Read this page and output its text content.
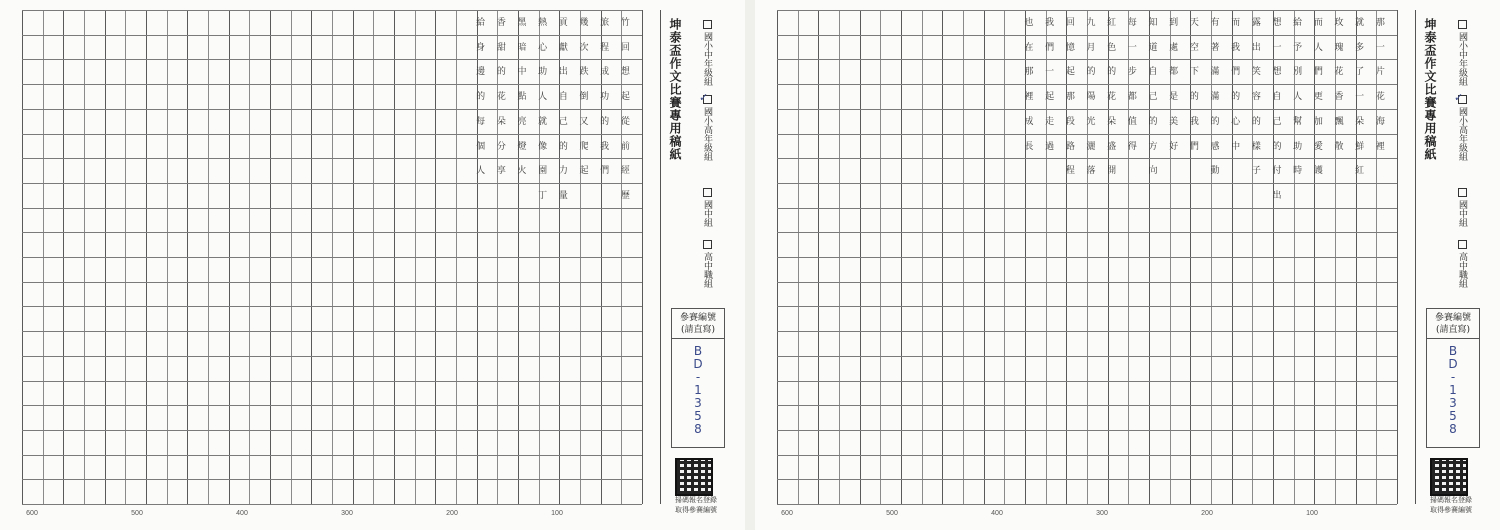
竹
回
想
起
從
前
經
歷
旅
程
成
功
的
我
們
幾
次
跌
倒
又
爬
起
貢
獻
出
自
己
的
力
量
熱
心
助
人
就
像
園
丁
黑
暗
中
點
亮
燈
火
香
甜
的
花
朵
分
享
給
身
邊
的
每
個
人
600	500	400	300	200	100
坤泰盃作文比賽專用稿紙 國小中年級組
國小高年級組
✓
國中組
高中職組
參賽編號
(請直寫)
B
D
-
1
3
5
8
掃碼報名登錄
取得參賽編號
那
一
片
花
海
裡
就
多
了
一
朵
鮮
紅
玫
瑰
花
香
飄
散
而
人
們
更
加
愛
護
給
予
別
人
幫
助
時
想
一
想
自
己
的
付
出
露
出
笑
容
的
樣
子
而
我
們
的
心
中
有
著
滿
滿
的
感
動
天
空
下
的
我
們
到
處
都
是
美
好
知
道
自
己
的
方
向
每
一
步
都
值
得
紅
色
的
花
朵
盛
開
九
月
的
陽
光
灑
落
回
憶
起
那
段
路
程
我
們
一
起
走
過
也
在
那
裡
成
長
600	500	400	300	200	100
坤泰盃作文比賽專用稿紙 國小中年級組
國小高年級組
✓
國中組
高中職組
參賽編號
(請直寫)
B
D
-
1
3
5
8
掃碼報名登錄
取得參賽編號
